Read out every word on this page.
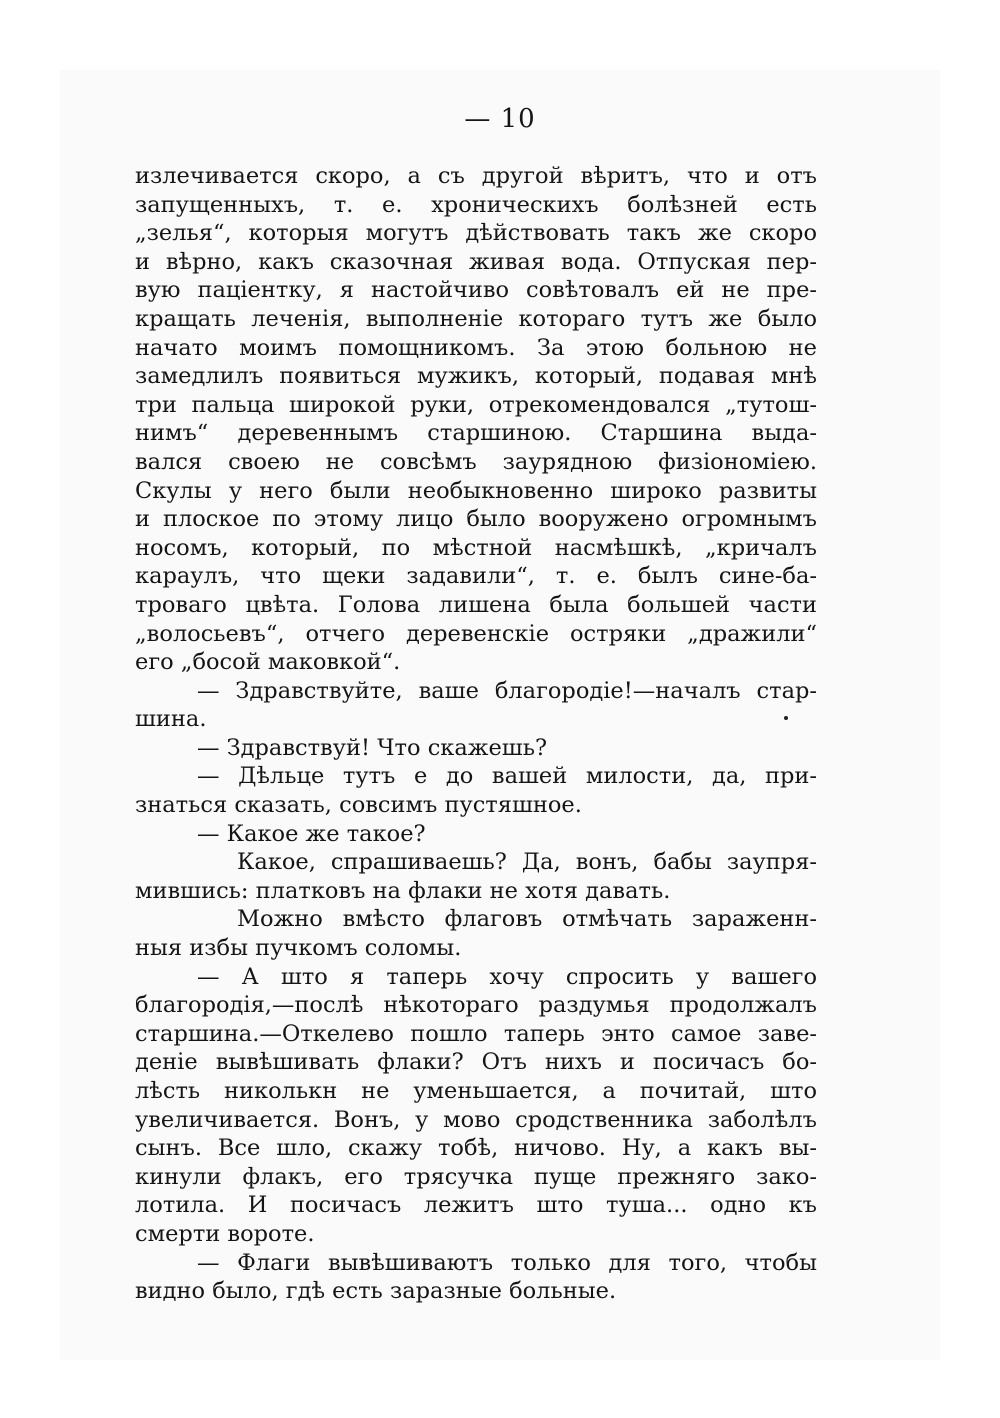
— 10
излечивается скоро, а съ другой вѣритъ, что и отъ
запущенныхъ, т. е. хроническихъ болѣзней есть
„зелья“, которыя могутъ дѣйствовать такъ же скоро
и вѣрно, какъ сказочная живая вода. Отпуская пер-
вую паціентку, я настойчиво совѣтовалъ ей не пре-
кращать леченія, выполненіе котораго тутъ же было
начато моимъ помощникомъ. За этою больною не
замедлилъ появиться мужикъ, который, подавая мнѣ
три пальца широкой руки, отрекомендовался „тутош-
нимъ“ деревеннымъ старшиною. Старшина выда-
вался своею не совсѣмъ заурядною физіономіею.
Скулы у него были необыкновенно широко развиты
и плоское по этому лицо было вооружено огромнымъ
носомъ, который, по мѣстной насмѣшкѣ, „кричалъ
караулъ, что щеки задавили“, т. е. былъ сине-ба-
троваго цвѣта. Голова лишена была большей части
„волосьевъ“, отчего деревенскіе остряки „дражили“
его „босой маковкой“.
— Здравствуйте, ваше благородіе!—началъ стар-
шина.
— Здравствуй! Что скажешь?
— Дѣльце тутъ е до вашей милости, да, при-
знаться сказать, совсимъ пустяшное.
— Какое же такое?
Какое, спрашиваешь? Да, вонъ, бабы заупря-
мившись: платковъ на флаки не хотя давать.
Можно вмѣсто флаговъ отмѣчать зараженн-
ныя избы пучкомъ соломы.
— А што я таперь хочу спросить у вашего
благородія,—послѣ нѣкотораго раздумья продолжалъ
старшина.—Откелево пошло таперь энто самое заве-
деніе вывѣшивать флаки? Отъ нихъ и посичасъ бо-
лѣсть николькн не уменьшается, а почитай, што
увеличивается. Вонъ, у мово сродственника заболѣлъ
сынъ. Все шло, скажу тобѣ, ничово. Ну, а какъ вы-
кинули флакъ, его трясучка пуще прежняго зако-
лотила. И посичасъ лежитъ што туша... одно къ
смерти вороте.
— Флаги вывѣшиваютъ только для того, чтобы
видно было, гдѣ есть заразные больные.
